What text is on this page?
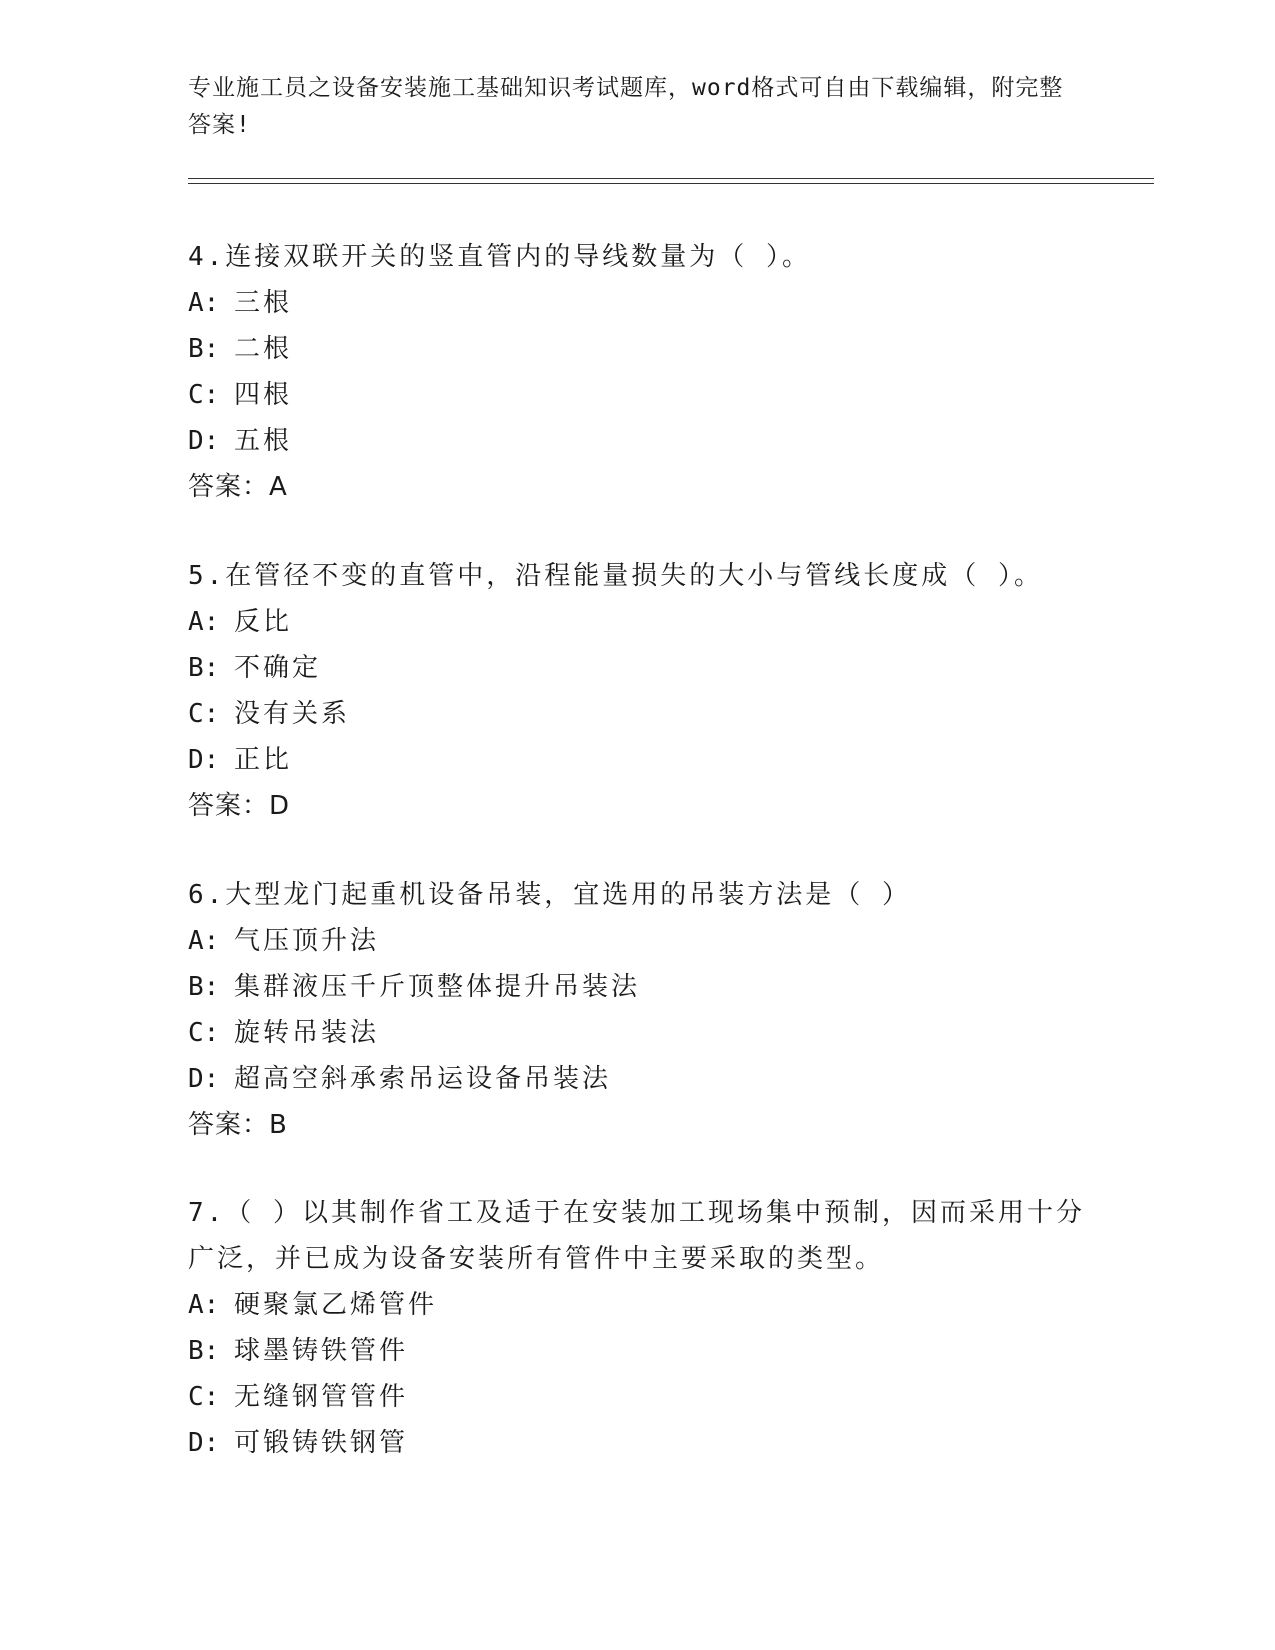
专业施工员之设备安装施工基础知识考试题库，word格式可自由下载编辑，附完整答案!

4.连接双联开关的竖直管内的导线数量为（ ）。

A: 三根

B: 二根

C: 四根

D: 五根

答案：A

5.在管径不变的直管中，沿程能量损失的大小与管线长度成（ ）。

A: 反比

B: 不确定

C: 没有关系

D: 正比

答案：D

6.大型龙门起重机设备吊装，宜选用的吊装方法是（ ）

A: 气压顶升法

B: 集群液压千斤顶整体提升吊装法

C: 旋转吊装法

D: 超高空斜承索吊运设备吊装法

答案：B

7.（ ）以其制作省工及适于在安装加工现场集中预制，因而采用十分广泛，并已成为设备安装所有管件中主要采取的类型。

A: 硬聚氯乙烯管件

B: 球墨铸铁管件

C: 无缝钢管管件

D: 可锻铸铁钢管
